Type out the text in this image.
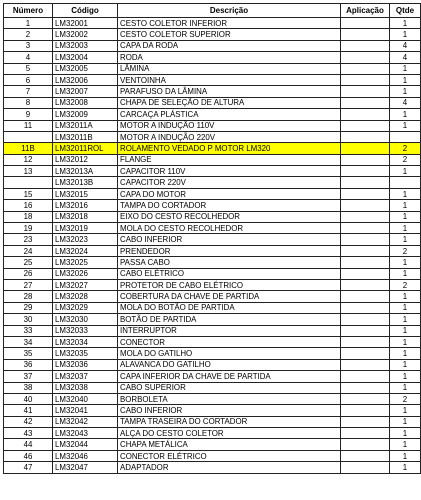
Número	Código	Descrição	Aplicação	Qtde
1	LM32001	CESTO COLETOR INFERIOR		1
2	LM32002	CESTO COLETOR SUPERIOR		1
3	LM32003	CAPA DA RODA		4
4	LM32004	RODA		4
5	LM32005	LÂMINA		1
6	LM32006	VENTOINHA		1
7	LM32007	PARAFUSO DA LÂMINA		1
8	LM32008	CHAPA DE SELEÇÃO DE ALTURA		4
9	LM32009	CARCAÇA PLÁSTICA		1
11	LM32011A	MOTOR A INDUÇÃO 110V		1
	LM32011B	MOTOR A INDUÇÃO 220V		
11B	LM32011ROL	ROLAMENTO VEDADO P MOTOR LM320		2
12	LM32012	FLANGE		2
13	LM32013A	CAPACITOR 110V		1
	LM32013B	CAPACITOR 220V		
15	LM32015	CAPA DO MOTOR		1
16	LM32016	TAMPA DO CORTADOR		1
18	LM32018	EIXO DO CESTO RECOLHEDOR		1
19	LM32019	MOLA DO CESTO RECOLHEDOR		1
23	LM32023	CABO INFERIOR		1
24	LM32024	PRENDEDOR		2
25	LM32025	PASSA CABO		1
26	LM32026	CABO ELÉTRICO		1
27	LM32027	PROTETOR DE CABO ELÉTRICO		2
28	LM32028	COBERTURA DA CHAVE DE PARTIDA		1
29	LM32029	MOLA DO BOTÃO DE PARTIDA		1
30	LM32030	BOTÃO DE PARTIDA		1
33	LM32033	INTERRUPTOR		1
34	LM32034	CONECTOR		1
35	LM32035	MOLA DO GATILHO		1
36	LM32036	ALAVANCA DO GATILHO		1
37	LM32037	CAPA INFERIOR DA CHAVE DE PARTIDA		1
38	LM32038	CABO SUPERIOR		1
40	LM32040	BORBOLETA		2
41	LM32041	CABO INFERIOR		1
42	LM32042	TAMPA TRASEIRA DO CORTADOR		1
43	LM32043	ALÇA DO CESTO COLETOR		1
44	LM32044	CHAPA METÁLICA		1
46	LM32046	CONECTOR ELÉTRICO		1
47	LM32047	ADAPTADOR		1
